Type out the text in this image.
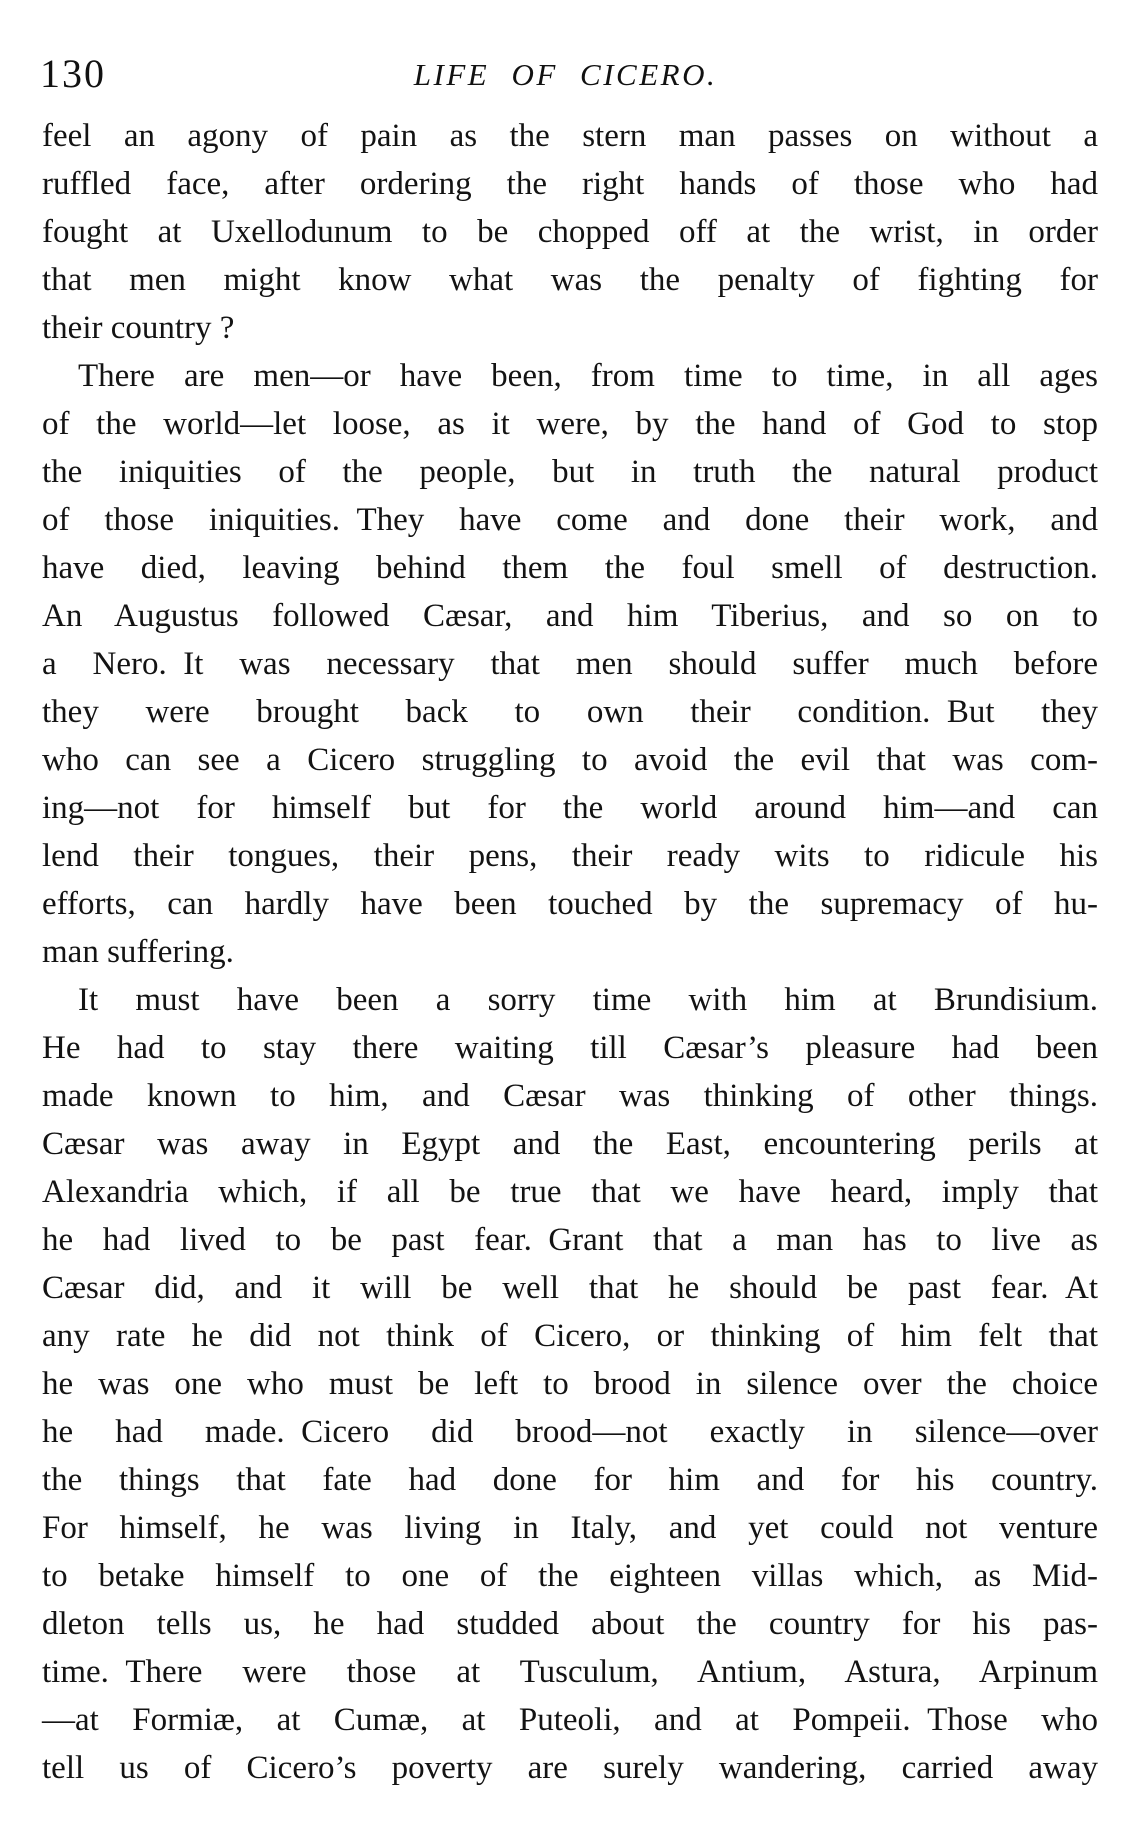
130	LIFE OF CICERO.
feel an agony of pain as the stern man passes on without a
ruffled face, after ordering the right hands of those who had
fought at Uxellodunum to be chopped off at the wrist, in order
that men might know what was the penalty of fighting for
their country ?
There are men—or have been, from time to time, in all ages
of the world—let loose, as it were, by the hand of God to stop
the iniquities of the people, but in truth the natural product
of those iniquities. They have come and done their work, and
have died, leaving behind them the foul smell of destruction.
An Augustus followed Cæsar, and him Tiberius, and so on to
a Nero. It was necessary that men should suffer much before
they were brought back to own their condition. But they
who can see a Cicero struggling to avoid the evil that was com-
ing—not for himself but for the world around him—and can
lend their tongues, their pens, their ready wits to ridicule his
efforts, can hardly have been touched by the supremacy of hu-
man suffering.
It must have been a sorry time with him at Brundisium.
He had to stay there waiting till Cæsar’s pleasure had been
made known to him, and Cæsar was thinking of other things.
Cæsar was away in Egypt and the East, encountering perils at
Alexandria which, if all be true that we have heard, imply that
he had lived to be past fear. Grant that a man has to live as
Cæsar did, and it will be well that he should be past fear. At
any rate he did not think of Cicero, or thinking of him felt that
he was one who must be left to brood in silence over the choice
he had made. Cicero did brood—not exactly in silence—over
the things that fate had done for him and for his country.
For himself, he was living in Italy, and yet could not venture
to betake himself to one of the eighteen villas which, as Mid-
dleton tells us, he had studded about the country for his pas-
time. There were those at Tusculum, Antium, Astura, Arpinum
—at Formiæ, at Cumæ, at Puteoli, and at Pompeii. Those who
tell us of Cicero’s poverty are surely wandering, carried away
